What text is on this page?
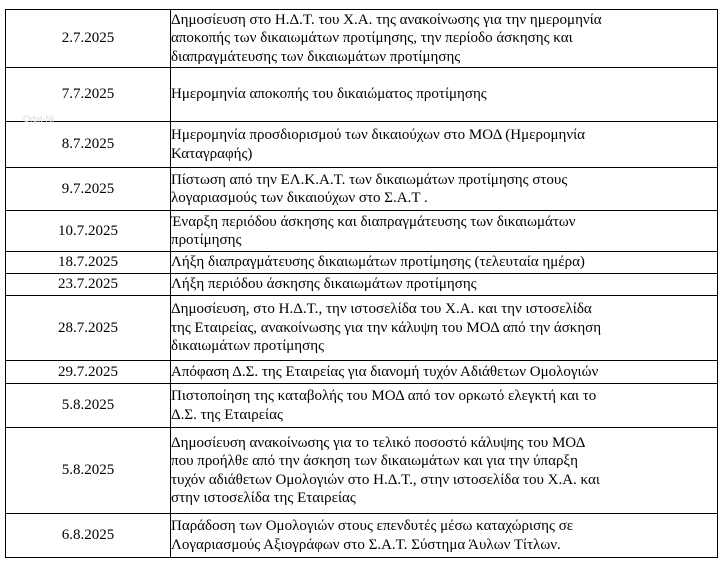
2.7.2025	Δημοσίευση στο Η.Δ.Τ. του Χ.Α. της ανακοίνωσης για την ημερομηνία
αποκοπής των δικαιωμάτων προτίμησης, την περίοδο άσκησης και
διαπραγμάτευσης των δικαιωμάτων προτίμησης
7.7.2025	Ημερομηνία αποκοπής του δικαιώματος προτίμησης
8.7.2025	Ημερομηνία προσδιορισμού των δικαιούχων στο ΜΟΔ (Ημερομηνία
Καταγραφής)
9.7.2025	Πίστωση από την ΕΛ.Κ.Α.Τ. των δικαιωμάτων προτίμησης στους
λογαριασμούς των δικαιούχων στο Σ.Α.Τ .
10.7.2025	Έναρξη περιόδου άσκησης και διαπραγμάτευσης των δικαιωμάτων
προτίμησης
18.7.2025	Λήξη διαπραγμάτευσης δικαιωμάτων προτίμησης (τελευταία ημέρα)
23.7.2025	Λήξη περιόδου άσκησης δικαιωμάτων προτίμησης
28.7.2025	Δημοσίευση, στο Η.Δ.Τ., την ιστοσελίδα του Χ.Α. και την ιστοσελίδα
της Εταιρείας, ανακοίνωσης για την κάλυψη του ΜΟΔ από την άσκηση
δικαιωμάτων προτίμησης
29.7.2025	Απόφαση Δ.Σ. της Εταιρείας για διανομή τυχόν Αδιάθετων Ομολογιών
5.8.2025	Πιστοποίηση της καταβολής του ΜΟΔ από τον ορκωτό ελεγκτή και το
Δ.Σ. της Εταιρείας
5.8.2025	Δημοσίευση ανακοίνωσης για το τελικό ποσοστό κάλυψης του ΜΟΔ
που προήλθε από την άσκηση των δικαιωμάτων και για την ύπαρξη
τυχόν αδιάθετων Ομολογιών στο Η.Δ.Τ., στην ιστοσελίδα του Χ.Α. και
στην ιστοσελίδα της Εταιρείας
6.8.2025	Παράδοση των Ομολογιών στους επενδυτές μέσω καταχώρισης σε
Λογαριασμούς Αξιογράφων στο Σ.Α.Τ. Σύστημα Άυλων Τίτλων.
Orbit-Ni
